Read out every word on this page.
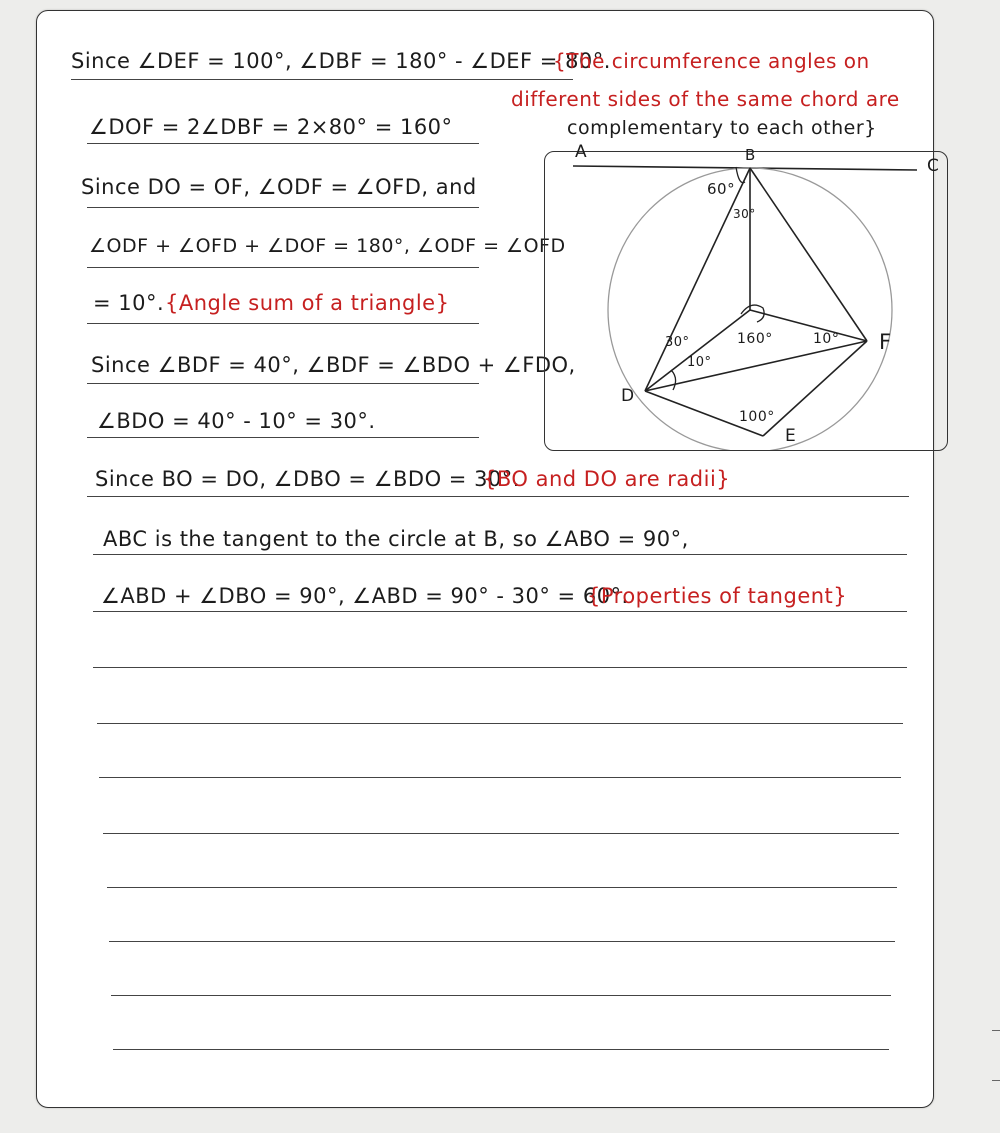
Since ∠DEF = 100°, ∠DBF = 180° - ∠DEF = 80°.
{The circumference angles on
different sides of the same chord are
∠DOF = 2∠DBF = 2×80° = 160°	complementary to each other}
Since DO = OF, ∠ODF = ∠OFD, and
∠ODF + ∠OFD + ∠DOF = 180°, ∠ODF = ∠OFD
= 10°. {Angle sum of a triangle}
Since ∠BDF = 40°, ∠BDF = ∠BDO + ∠FDO,
∠BDO = 40° - 10° = 30°.
Since BO = DO, ∠DBO = ∠BDO = 30°.
{BO and DO are radii}
ABC is the tangent to the circle at B, so ∠ABO = 90°,
∠ABD + ∠DBO = 90°, ∠ABD = 90° - 30° = 60°.
{Properties of tangent}
A	B
C
D
E
F
60°
30°
30°
10°
160°	10°
100°
